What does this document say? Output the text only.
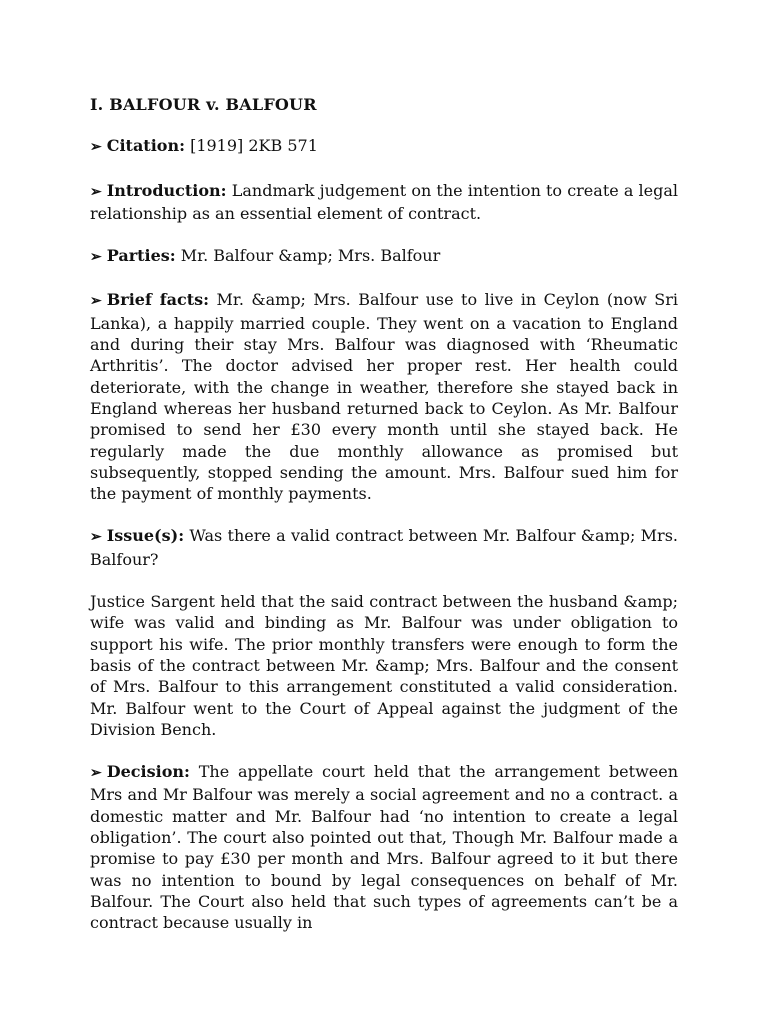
I. BALFOUR v. BALFOUR

➢ Citation: [1919] 2KB 571

➢ Introduction: Landmark judgement on the intention to create a legal relationship as an essential element of contract.

➢ Parties: Mr. Balfour &amp; Mrs. Balfour

➢ Brief facts: Mr. &amp; Mrs. Balfour use to live in Ceylon (now Sri Lanka), a happily married couple. They went on a vacation to England and during their stay Mrs. Balfour was diagnosed with ‘Rheumatic Arthritis’. The doctor advised her proper rest. Her health could deteriorate, with the change in weather, therefore she stayed back in England whereas her husband returned back to Ceylon. As Mr. Balfour promised to send her £30 every month until she stayed back. He regularly made the due monthly allowance as promised but subsequently, stopped sending the amount. Mrs. Balfour sued him for the payment of monthly payments.

➢ Issue(s): Was there a valid contract between Mr. Balfour &amp; Mrs. Balfour?

Justice Sargent held that the said contract between the husband &amp; wife was valid and binding as Mr. Balfour was under obligation to support his wife. The prior monthly transfers were enough to form the basis of the contract between Mr. &amp; Mrs. Balfour and the consent of Mrs. Balfour to this arrangement constituted a valid consideration. Mr. Balfour went to the Court of Appeal against the judgment of the Division Bench.

➢ Decision: The appellate court held that the arrangement between Mrs and Mr Balfour was merely a social agreement and no a contract. a domestic matter and Mr. Balfour had ‘no intention to create a legal obligation’. The court also pointed out that, Though Mr. Balfour made a promise to pay £30 per month and Mrs. Balfour agreed to it but there was no intention to bound by legal consequences on behalf of Mr. Balfour. The Court also held that such types of agreements can’t be a contract because usually in
